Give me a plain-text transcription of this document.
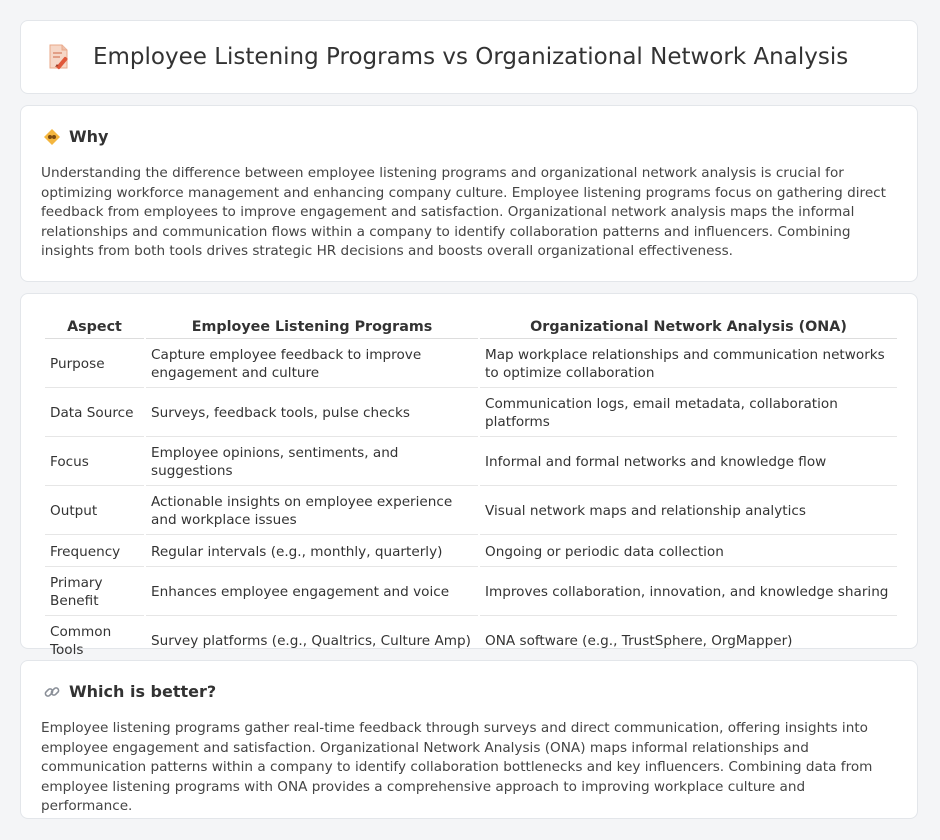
Employee Listening Programs vs Organizational Network Analysis
Why

Understanding the difference between employee listening programs and organizational network analysis is crucial for optimizing workforce management and enhancing company culture. Employee listening programs focus on gathering direct feedback from employees to improve engagement and satisfaction. Organizational network analysis maps the informal relationships and communication flows within a company to identify collaboration patterns and influencers. Combining insights from both tools drives strategic HR decisions and boosts overall organizational effectiveness.

Aspect	Employee Listening Programs	Organizational Network Analysis (ONA)
Purpose	Capture employee feedback to improve engagement and culture	Map workplace relationships and communication networks to optimize collaboration
Data Source	Surveys, feedback tools, pulse checks	Communication logs, email metadata, collaboration platforms
Focus	Employee opinions, sentiments, and suggestions	Informal and formal networks and knowledge flow
Output	Actionable insights on employee experience and workplace issues	Visual network maps and relationship analytics
Frequency	Regular intervals (e.g., monthly, quarterly)	Ongoing or periodic data collection
Primary Benefit	Enhances employee engagement and voice	Improves collaboration, innovation, and knowledge sharing
Common Tools	Survey platforms (e.g., Qualtrics, Culture Amp)	ONA software (e.g., TrustSphere, OrgMapper)
Which is better?

Employee listening programs gather real-time feedback through surveys and direct communication, offering insights into employee engagement and satisfaction. Organizational Network Analysis (ONA) maps informal relationships and communication patterns within a company to identify collaboration bottlenecks and key influencers. Combining data from employee listening programs with ONA provides a comprehensive approach to improving workplace culture and performance.
